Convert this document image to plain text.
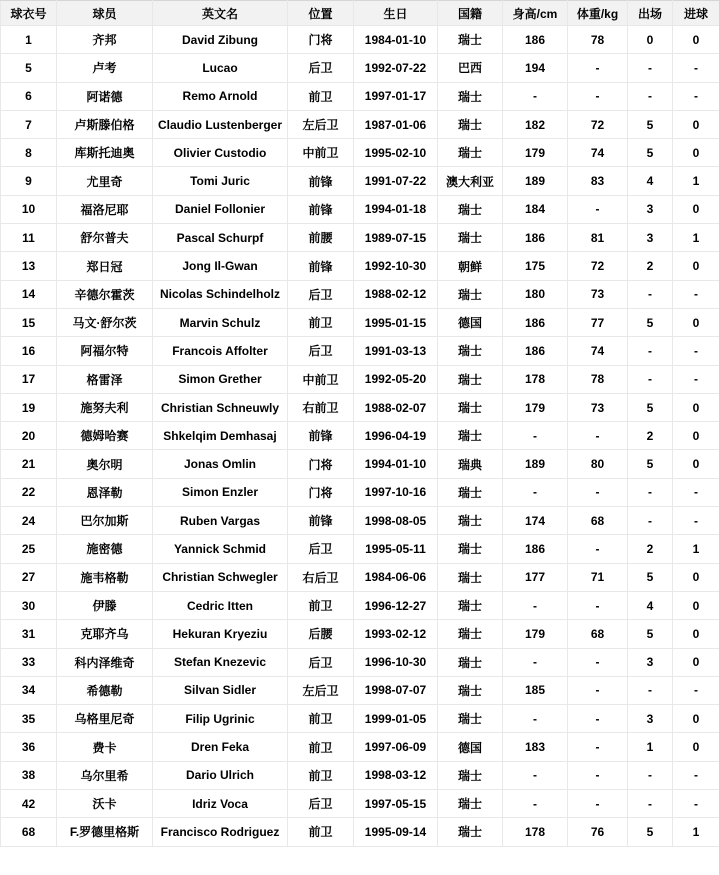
球衣号	球员	英文名	位置	生日	国籍	身高/cm	体重/kg	出场	进球
1	齐邦	David Zibung	门将	1984-01-10	瑞士	186	78	0	0
5	卢考	Lucao	后卫	1992-07-22	巴西	194	-	-	-
6	阿诺德	Remo Arnold	前卫	1997-01-17	瑞士	-	-	-	-
7	卢斯滕伯格	Claudio Lustenberger	左后卫	1987-01-06	瑞士	182	72	5	0
8	库斯托迪奥	Olivier Custodio	中前卫	1995-02-10	瑞士	179	74	5	0
9	尤里奇	Tomi Juric	前锋	1991-07-22	澳大利亚	189	83	4	1
10	福洛尼耶	Daniel Follonier	前锋	1994-01-18	瑞士	184	-	3	0
11	舒尔普夫	Pascal Schurpf	前腰	1989-07-15	瑞士	186	81	3	1
13	郑日冠	Jong Il-Gwan	前锋	1992-10-30	朝鲜	175	72	2	0
14	辛德尔霍茨	Nicolas Schindelholz	后卫	1988-02-12	瑞士	180	73	-	-
15	马文·舒尔茨	Marvin Schulz	前卫	1995-01-15	德国	186	77	5	0
16	阿福尔特	Francois Affolter	后卫	1991-03-13	瑞士	186	74	-	-
17	格雷泽	Simon Grether	中前卫	1992-05-20	瑞士	178	78	-	-
19	施努夫利	Christian Schneuwly	右前卫	1988-02-07	瑞士	179	73	5	0
20	德姆哈赛	Shkelqim Demhasaj	前锋	1996-04-19	瑞士	-	-	2	0
21	奥尔明	Jonas Omlin	门将	1994-01-10	瑞典	189	80	5	0
22	恩泽勒	Simon Enzler	门将	1997-10-16	瑞士	-	-	-	-
24	巴尔加斯	Ruben Vargas	前锋	1998-08-05	瑞士	174	68	-	-
25	施密德	Yannick Schmid	后卫	1995-05-11	瑞士	186	-	2	1
27	施韦格勒	Christian Schwegler	右后卫	1984-06-06	瑞士	177	71	5	0
30	伊滕	Cedric Itten	前卫	1996-12-27	瑞士	-	-	4	0
31	克耶齐乌	Hekuran Kryeziu	后腰	1993-02-12	瑞士	179	68	5	0
33	科内泽维奇	Stefan Knezevic	后卫	1996-10-30	瑞士	-	-	3	0
34	希德勒	Silvan Sidler	左后卫	1998-07-07	瑞士	185	-	-	-
35	乌格里尼奇	Filip Ugrinic	前卫	1999-01-05	瑞士	-	-	3	0
36	费卡	Dren Feka	前卫	1997-06-09	德国	183	-	1	0
38	乌尔里希	Dario Ulrich	前卫	1998-03-12	瑞士	-	-	-	-
42	沃卡	Idriz Voca	后卫	1997-05-15	瑞士	-	-	-	-
68	F.罗德里格斯	Francisco Rodriguez	前卫	1995-09-14	瑞士	178	76	5	1
